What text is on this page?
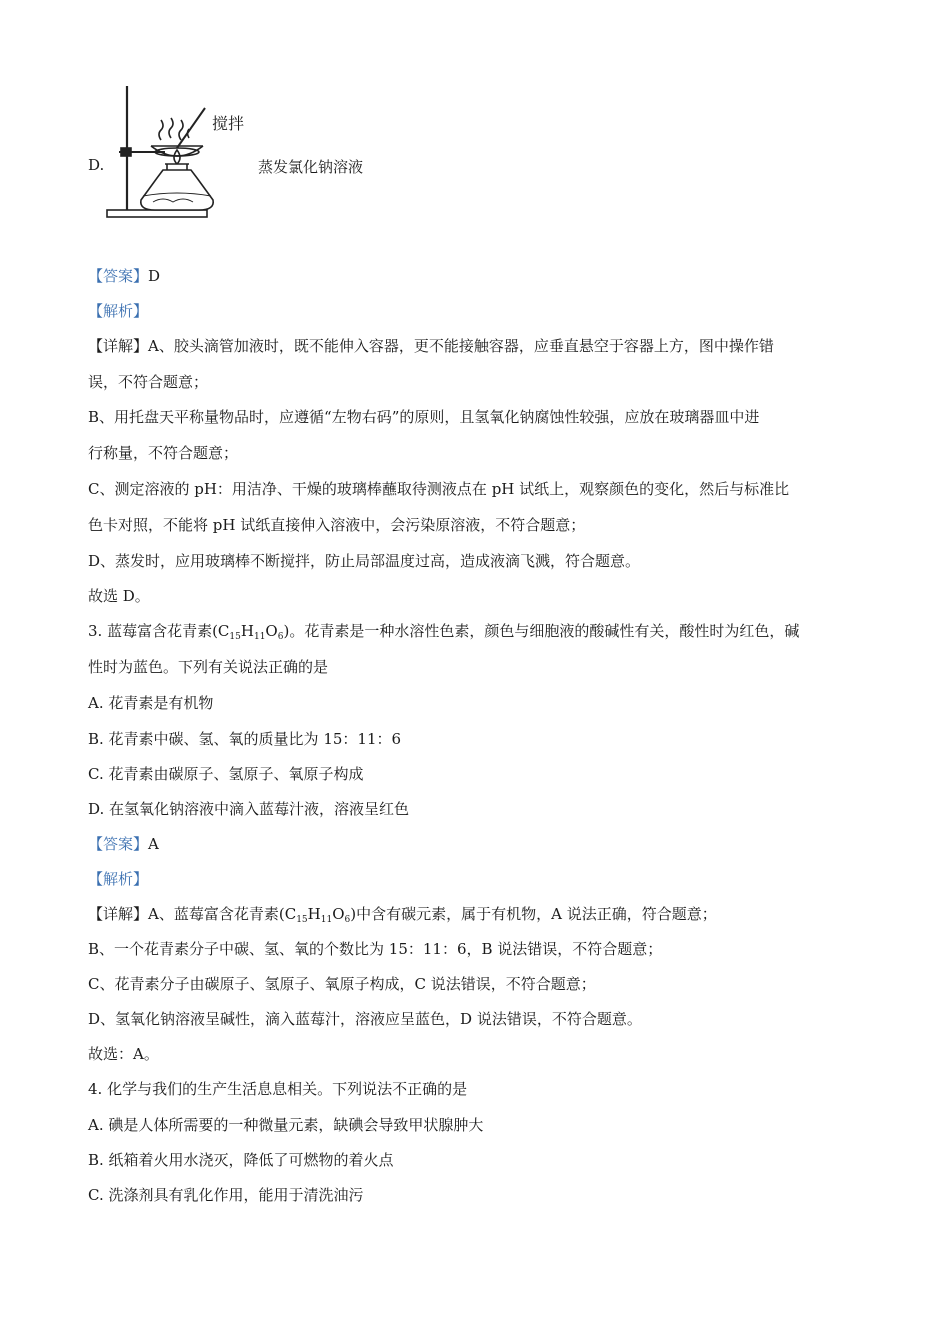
D.
搅拌
蒸发氯化钠溶液
【答案】D
【解析】
【详解】A、胶头滴管加液时，既不能伸入容器，更不能接触容器，应垂直悬空于容器上方，图中操作错
误，不符合题意；
B、用托盘天平称量物品时，应遵循“左物右码”的原则，且氢氧化钠腐蚀性较强，应放在玻璃器皿中进
行称量，不符合题意；
C、测定溶液的 pH：用洁净、干燥的玻璃棒蘸取待测液点在 pH 试纸上，观察颜色的变化，然后与标准比
色卡对照，不能将 pH 试纸直接伸入溶液中，会污染原溶液，不符合题意；
D、蒸发时，应用玻璃棒不断搅拌，防止局部温度过高，造成液滴飞溅，符合题意。
故选 D。
3. 蓝莓富含花青素$(C_{15}H_{11}O_6)$。花青素是一种水溶性色素，颜色与细胞液的酸碱性有关，酸性时为红色，碱
性时为蓝色。下列有关说法正确的是
A. 花青素是有机物
B. 花青素中碳、氢、氧的质量比为 15：11：6
C. 花青素由碳原子、氢原子、氧原子构成
D. 在氢氧化钠溶液中滴入蓝莓汁液，溶液呈红色
【答案】A
【解析】
【详解】A、蓝莓富含花青素$(C_{15}H_{11}O_6)$中含有碳元素，属于有机物，A 说法正确，符合题意；
B、一个花青素分子中碳、氢、氧的个数比为 15：11：6，B 说法错误，不符合题意；
C、花青素分子由碳原子、氢原子、氧原子构成，C 说法错误，不符合题意；
D、氢氧化钠溶液呈碱性，滴入蓝莓汁，溶液应呈蓝色，D 说法错误，不符合题意。
故选：A。
4. 化学与我们的生产生活息息相关。下列说法不正确的是
A. 碘是人体所需要的一种微量元素，缺碘会导致甲状腺肿大
B. 纸箱着火用水浇灭，降低了可燃物的着火点
C. 洗涤剂具有乳化作用，能用于清洗油污
